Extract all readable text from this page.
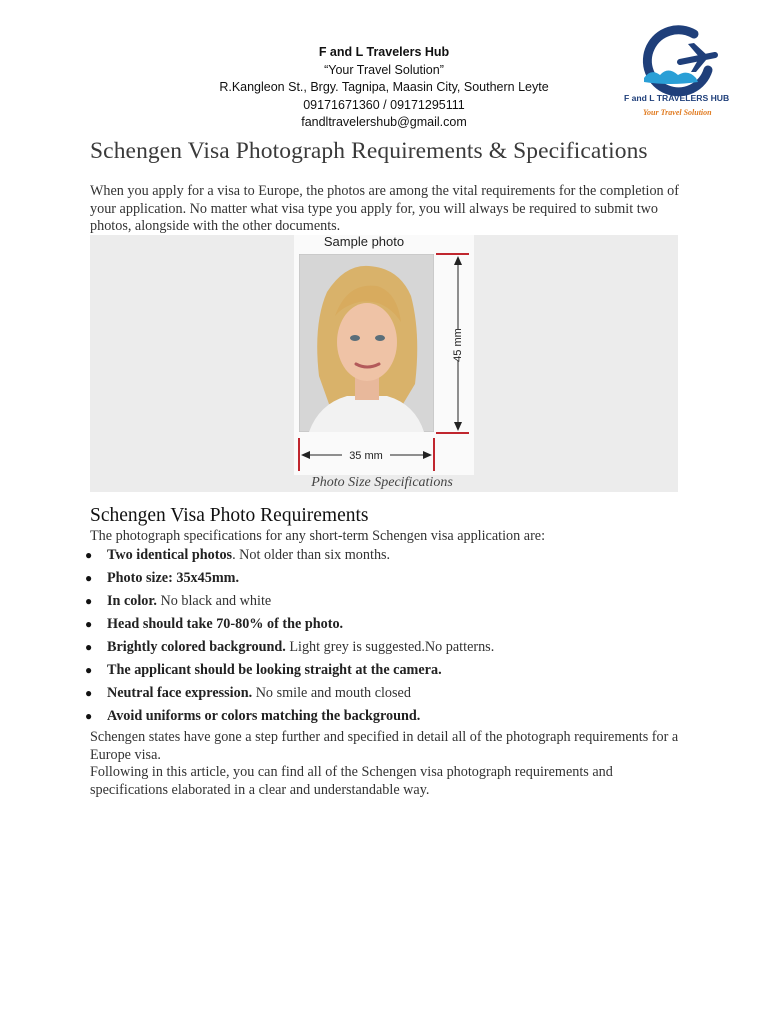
F and L Travelers Hub
“Your Travel Solution”
R.Kangleon St., Brgy. Tagnipa, Maasin City, Southern Leyte
09171671360 / 09171295111
fandltravelershub@gmail.com
F and L TRAVELERS HUB
Your Travel Solution
Schengen Visa Photograph Requirements & Specifications

When you apply for a visa to Europe, the photos are among the vital requirements for the completion of your application. No matter what visa type you apply for, you will always be required to submit two photos, alongside with the other documents.

Sample photo
45 mm
35 mm
Photo Size Specifications
Schengen Visa Photo Requirements

The photograph specifications for any short-term Schengen visa application are:

● Two identical photos. Not older than six months.
● Photo size: 35x45mm.
● In color. No black and white
● Head should take 70-80% of the photo.
● Brightly colored background. Light grey is suggested.No patterns.
● The applicant should be looking straight at the camera.
● Neutral face expression. No smile and mouth closed
● Avoid uniforms or colors matching the background.
Schengen states have gone a step further and specified in detail all of the photograph requirements for a Europe visa.
Following in this article, you can find all of the Schengen visa photograph requirements and specifications elaborated in a clear and understandable way.
